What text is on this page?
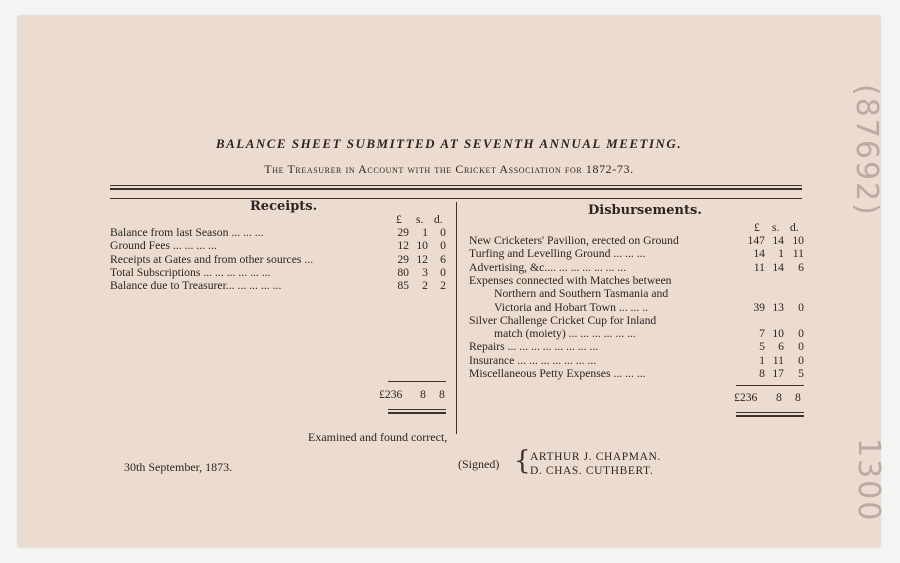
(87692)
1300
BALANCE SHEET SUBMITTED AT SEVENTH ANNUAL MEETING.
The Treasurer in Account with the Cricket Association for 1872-73.
Receipts.
£ s. d.
Balance from last Season ... ... ...	29	1	0
Ground Fees ... ... ... ...	12 10	0
Receipts at Gates and from other sources ...	29 12	6
Total Subscriptions ... ... ... ... ... ...	80	3	0
Balance due to Treasurer... ... ... ... ...	85	2	2
£236 8 8
Disbursements.
£ s. d.
New Cricketers' Pavilion, erected on Ground	147 14 10
Turfing and Levelling Ground ... ... ...	14	1 11
Advertising, &c.... ... ... ... ... ... ...	11 14	6
Expenses connected with Matches between
Northern and Southern Tasmania and
Victoria and Hobart Town ... ... ..	39 13	0
Silver Challenge Cricket Cup for Inland
match (moiety) ... ... ... ... ... ...	7 10	0
Repairs ... ... ... ... ... ... ... ...	5	6	0
Insurance ... ... ... ... ... ... ...	1 11	0
Miscellaneous Petty Expenses ... ... ...	8 17	5
£236 8 8
Examined and found correct,
30th September, 1873.	(Signed) { ARTHUR J. CHAPMAN.
D. CHAS. CUTHBERT.
